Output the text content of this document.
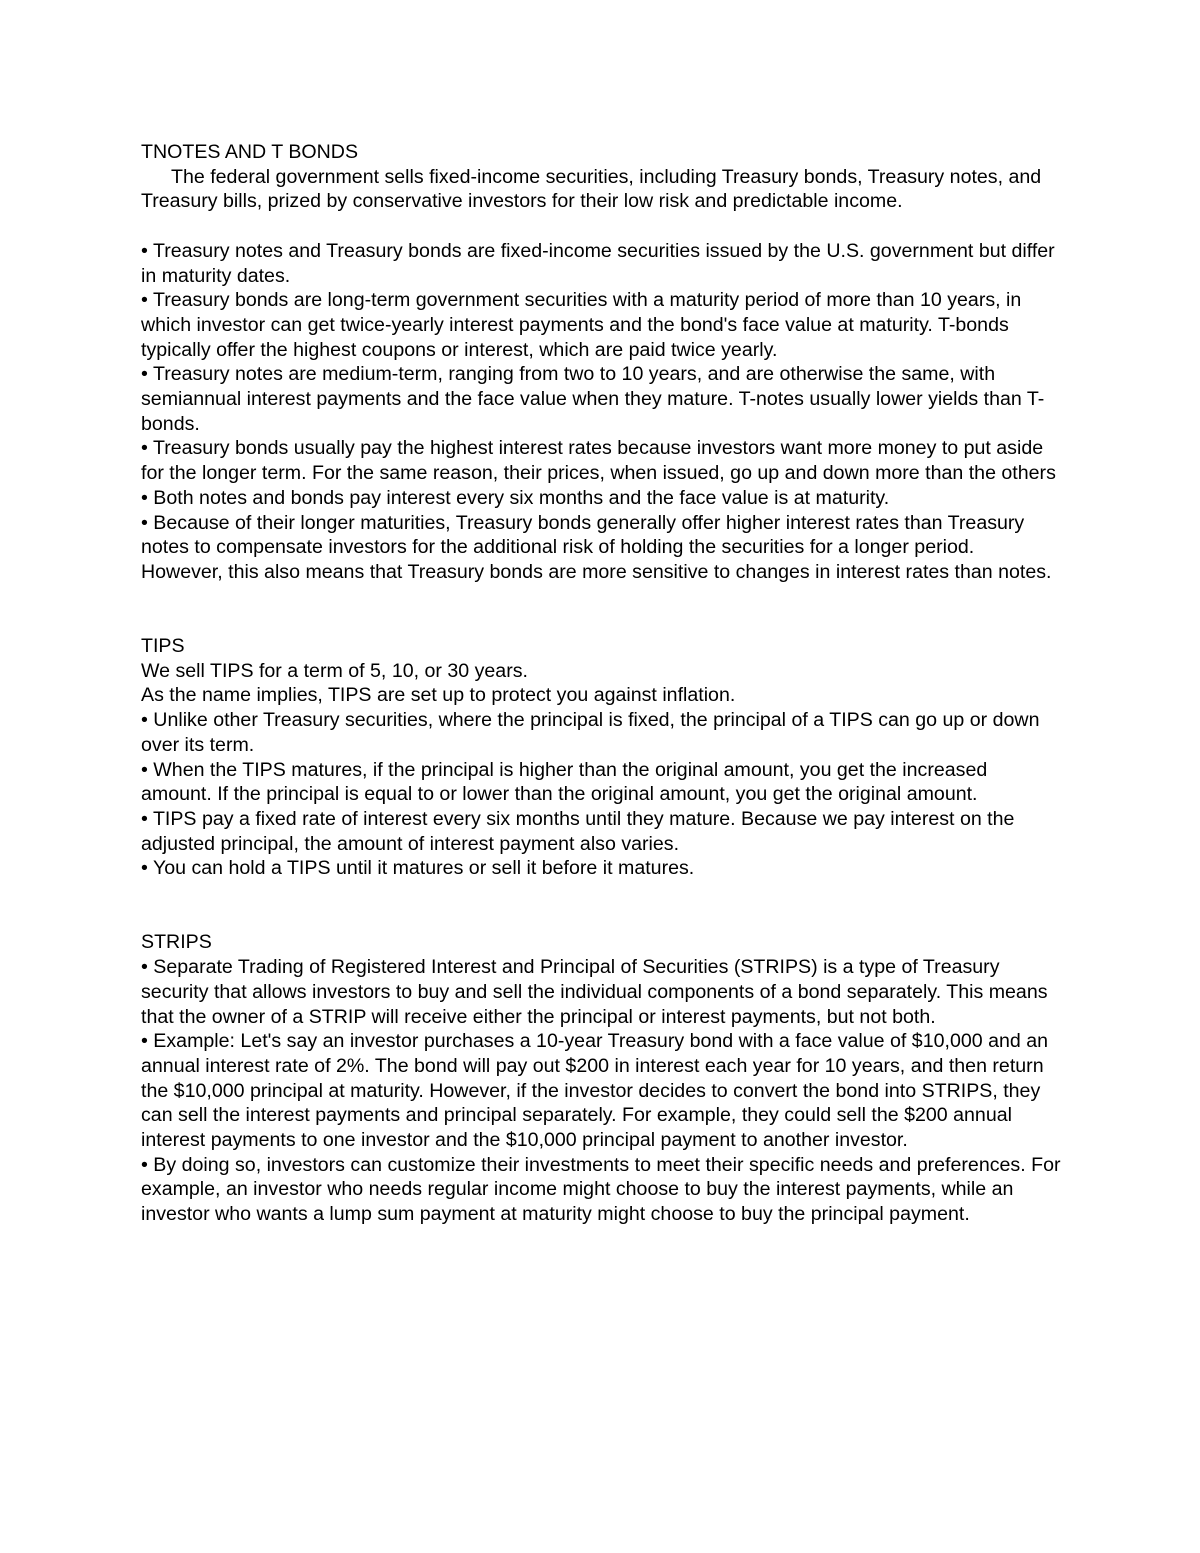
TNOTES AND T BONDS

The federal government sells fixed-income securities, including Treasury bonds, Treasury notes, and Treasury bills, prized by conservative investors for their low risk and predictable income.

• Treasury notes and Treasury bonds are fixed-income securities issued by the U.S. government but differ in maturity dates.

• Treasury bonds are long-term government securities with a maturity period of more than 10 years, in which investor can get twice-yearly interest payments and the bond's face value at maturity. T-bonds typically offer the highest coupons or interest, which are paid twice yearly.

• Treasury notes are medium-term, ranging from two to 10 years, and are otherwise the same, with semiannual interest payments and the face value when they mature. T-notes usually lower yields than T-bonds.

• Treasury bonds usually pay the highest interest rates because investors want more money to put aside for the longer term. For the same reason, their prices, when issued, go up and down more than the others

• Both notes and bonds pay interest every six months and the face value is at maturity.

• Because of their longer maturities, Treasury bonds generally offer higher interest rates than Treasury notes to compensate investors for the additional risk of holding the securities for a longer period. However, this also means that Treasury bonds are more sensitive to changes in interest rates than notes.

TIPS

We sell TIPS for a term of 5, 10, or 30 years.

As the name implies, TIPS are set up to protect you against inflation.

• Unlike other Treasury securities, where the principal is fixed, the principal of a TIPS can go up or down over its term.

• When the TIPS matures, if the principal is higher than the original amount, you get the increased amount. If the principal is equal to or lower than the original amount, you get the original amount.

• TIPS pay a fixed rate of interest every six months until they mature. Because we pay interest on the adjusted principal, the amount of interest payment also varies.

• You can hold a TIPS until it matures or sell it before it matures.

STRIPS

• Separate Trading of Registered Interest and Principal of Securities (STRIPS) is a type of Treasury security that allows investors to buy and sell the individual components of a bond separately. This means that the owner of a STRIP will receive either the principal or interest payments, but not both.

• Example: Let's say an investor purchases a 10-year Treasury bond with a face value of $10,000 and an annual interest rate of 2%. The bond will pay out $200 in interest each year for 10 years, and then return the $10,000 principal at maturity. However, if the investor decides to convert the bond into STRIPS, they can sell the interest payments and principal separately. For example, they could sell the $200 annual interest payments to one investor and the $10,000 principal payment to another investor.

• By doing so, investors can customize their investments to meet their specific needs and preferences. For example, an investor who needs regular income might choose to buy the interest payments, while an investor who wants a lump sum payment at maturity might choose to buy the principal payment.
